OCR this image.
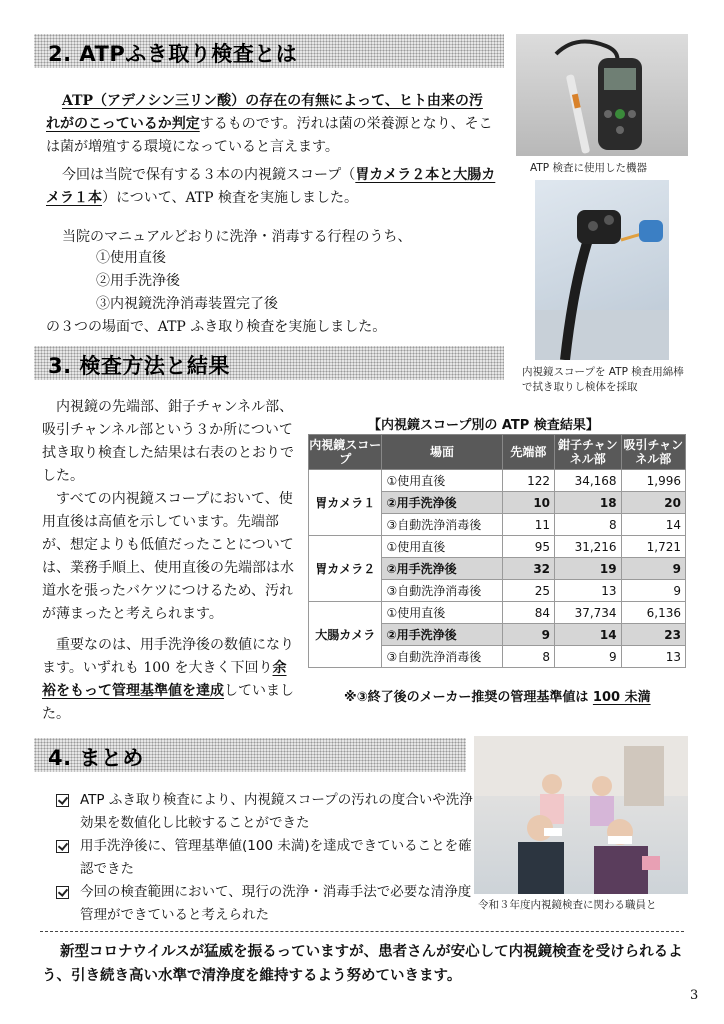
2. ATPふき取り検査とは
ATP（アデノシン三リン酸）の存在の有無によって、ヒト由来の汚れがのこっているか判定するものです。汚れは菌の栄養源となり、そこは菌が増殖する環境になっていると言えます。
今回は当院で保有する３本の内視鏡スコープ（胃カメラ２本と大腸カメラ１本）について、ATP 検査を実施しました。
当院のマニュアルどおりに洗浄・消毒する行程のうち、
①使用直後
②用手洗浄後
③内視鏡洗浄消毒装置完了後
の３つの場面で、ATP ふき取り検査を実施しました。
ATP 検査に使用した機器
内視鏡スコープを ATP 検査用綿棒で拭き取りし検体を採取
3. 検査方法と結果
内視鏡の先端部、鉗子チャンネル部、吸引チャンネル部という３か所について拭き取り検査した結果は右表のとおりでした。
すべての内視鏡スコープにおいて、使用直後は高値を示しています。先端部が、想定よりも低値だったことについては、業務手順上、使用直後の先端部は水道水を張ったバケツにつけるため、汚れが薄まったと考えられます。
重要なのは、用手洗浄後の数値になります。いずれも 100 を大きく下回り余裕をもって管理基準値を達成していました。
【内視鏡スコープ別の ATP 検査結果】
内視鏡スコープ	場面	先端部	鉗子チャンネル部	吸引チャンネル部
胃カメラ１	①使用直後	122	34,168	1,996
	②用手洗浄後	10	18	20
	③自動洗浄消毒後	11	8	14
胃カメラ２	①使用直後	95	31,216	1,721
	②用手洗浄後	32	19	9
	③自動洗浄消毒後	25	13	9
大腸カメラ	①使用直後	84	37,734	6,136
	②用手洗浄後	9	14	23
	③自動洗浄消毒後	8	9	13
※③終了後のメーカー推奨の管理基準値は 100 未満
4. まとめ
ATP ふき取り検査により、内視鏡スコープの汚れの度合いや洗浄効果を数値化し比較することができた
用手洗浄後に、管理基準値(100 未満)を達成できていることを確認できた
今回の検査範囲において、現行の洗浄・消毒手法で必要な清浄度管理ができていると考えられた
令和３年度内視鏡検査に関わる職員と
新型コロナウイルスが猛威を振るっていますが、患者さんが安心して内視鏡検査を受けられるよう、引き続き高い水準で清浄度を維持するよう努めていきます。
3
